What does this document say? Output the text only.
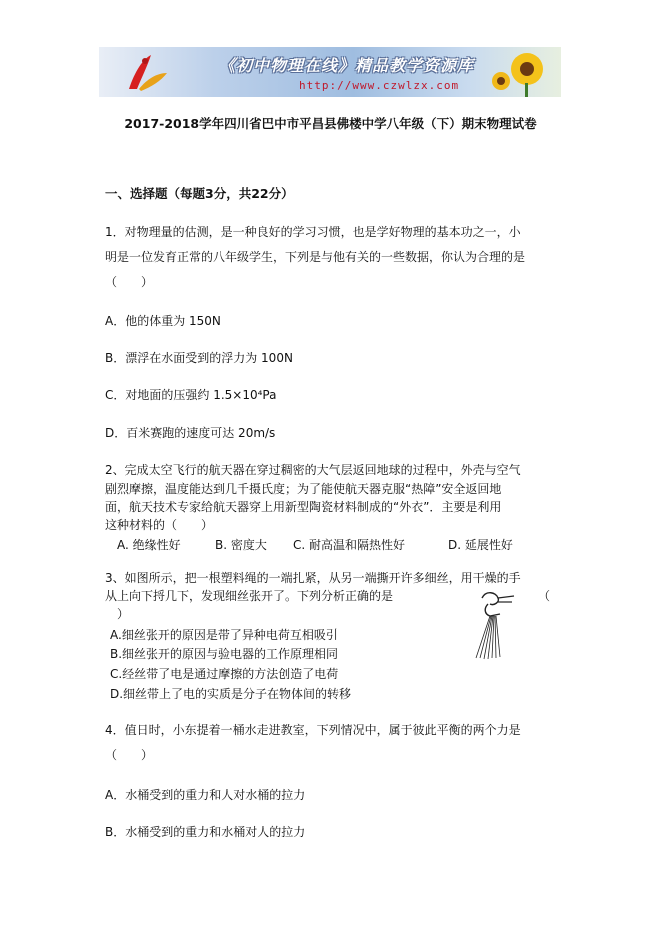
《初中物理在线》精品教学资源库
http://www.czwlzx.com
2017-2018学年四川省巴中市平昌县佛楼中学八年级（下）期末物理试卷
一、选择题（每题3分，共22分）
1．对物理量的估测，是一种良好的学习习惯，也是学好物理的基本功之一，小
明是一位发育正常的八年级学生，下列是与他有关的一些数据，你认为合理的是
（　　）
A．他的体重为 150N
B．漂浮在水面受到的浮力为 100N
C．对地面的压强约 1.5×10⁴Pa
D．百米赛跑的速度可达 20m/s
2、完成太空飞行的航天器在穿过稠密的大气层返回地球的过程中，外壳与空气
剧烈摩擦，温度能达到几千摄氏度；为了能使航天器克服“热障”安全返回地
面，航天技术专家给航天器穿上用新型陶瓷材料制成的“外衣”．主要是利用
这种材料的（　　）
A. 绝缘性好	B. 密度大 C. 耐高温和隔热性好	D. 延展性好
3、如图所示，把一根塑料绳的一端扎紧，从另一端撕开许多细丝，用干燥的手
从上向下捋几下，发现细丝张开了。下列分析正确的是	（
）
A.细丝张开的原因是带了异种电荷互相吸引
B.细丝张开的原因与验电器的工作原理相同
C.经丝带了电是通过摩擦的方法创造了电荷
D.细丝带上了电的实质是分子在物体间的转移
4．值日时，小东提着一桶水走进教室，下列情况中，属于彼此平衡的两个力是
（　　）
A．水桶受到的重力和人对水桶的拉力
B．水桶受到的重力和水桶对人的拉力
